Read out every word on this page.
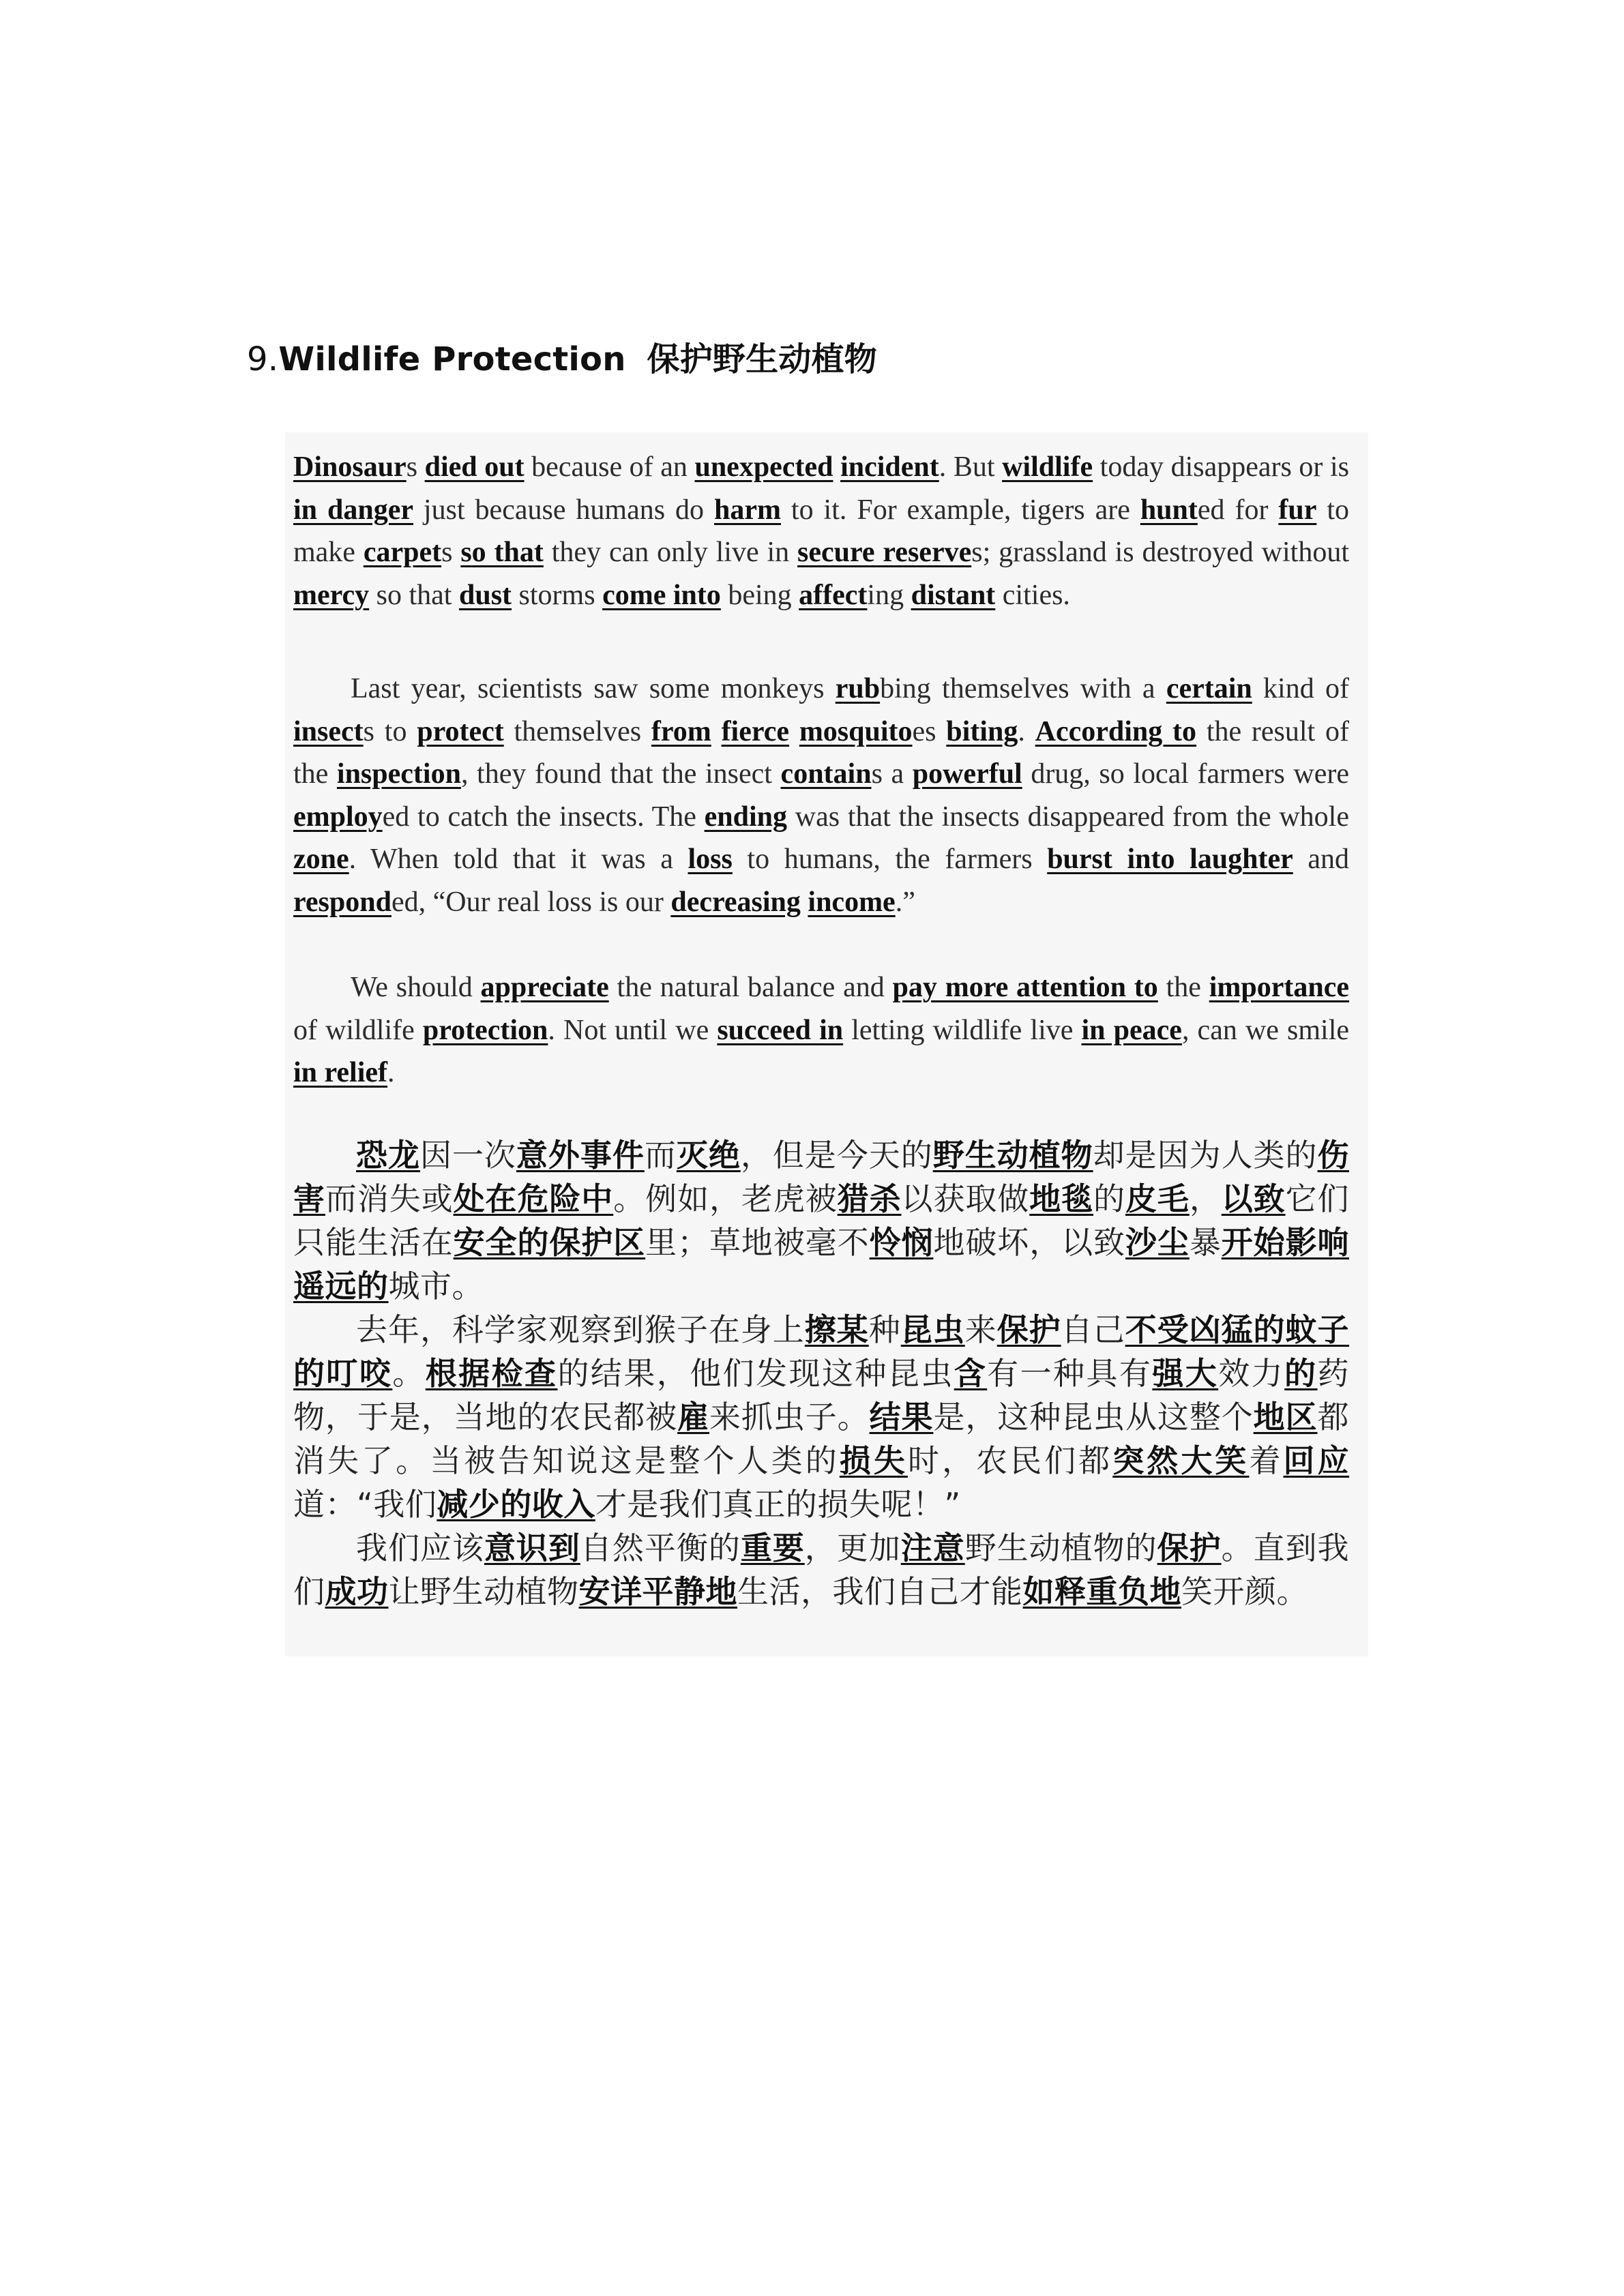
9.Wildlife Protection 保护野生动植物
Dinosaurs died out because of an unexpected incident. But wildlife today disappears or is in danger just because humans do harm to it. For example, tigers are hunted for fur to make carpets so that they can only live in secure reserves; grassland is destroyed without mercy so that dust storms come into being affecting distant cities.
Last year, scientists saw some monkeys rubbing themselves with a certain kind of insects to protect themselves from fierce mosquitoes biting. According to the result of the inspection, they found that the insect contains a powerful drug, so local farmers were employed to catch the insects. The ending was that the insects disappeared from the whole zone. When told that it was a loss to humans, the farmers burst into laughter and responded, “Our real loss is our decreasing income.”
We should appreciate the natural balance and pay more attention to the importance of wildlife protection. Not until we succeed in letting wildlife live in peace, can we smile in relief.
恐龙因一次意外事件而灭绝，但是今天的野生动植物却是因为人类的伤害而消失或处在危险中。例如，老虎被猎杀以获取做地毯的皮毛，以致它们只能生活在安全的保护区里；草地被毫不怜悯地破坏，以致沙尘暴开始影响遥远的城市。
去年，科学家观察到猴子在身上擦某种昆虫来保护自己不受凶猛的蚊子的叮咬。根据检查的结果，他们发现这种昆虫含有一种具有强大效力的药物，于是，当地的农民都被雇来抓虫子。结果是，这种昆虫从这整个地区都消失了。当被告知说这是整个人类的损失时，农民们都突然大笑着回应道：“我们减少的收入才是我们真正的损失呢！”
我们应该意识到自然平衡的重要，更加注意野生动植物的保护。直到我们成功让野生动植物安详平静地生活，我们自己才能如释重负地笑开颜。
